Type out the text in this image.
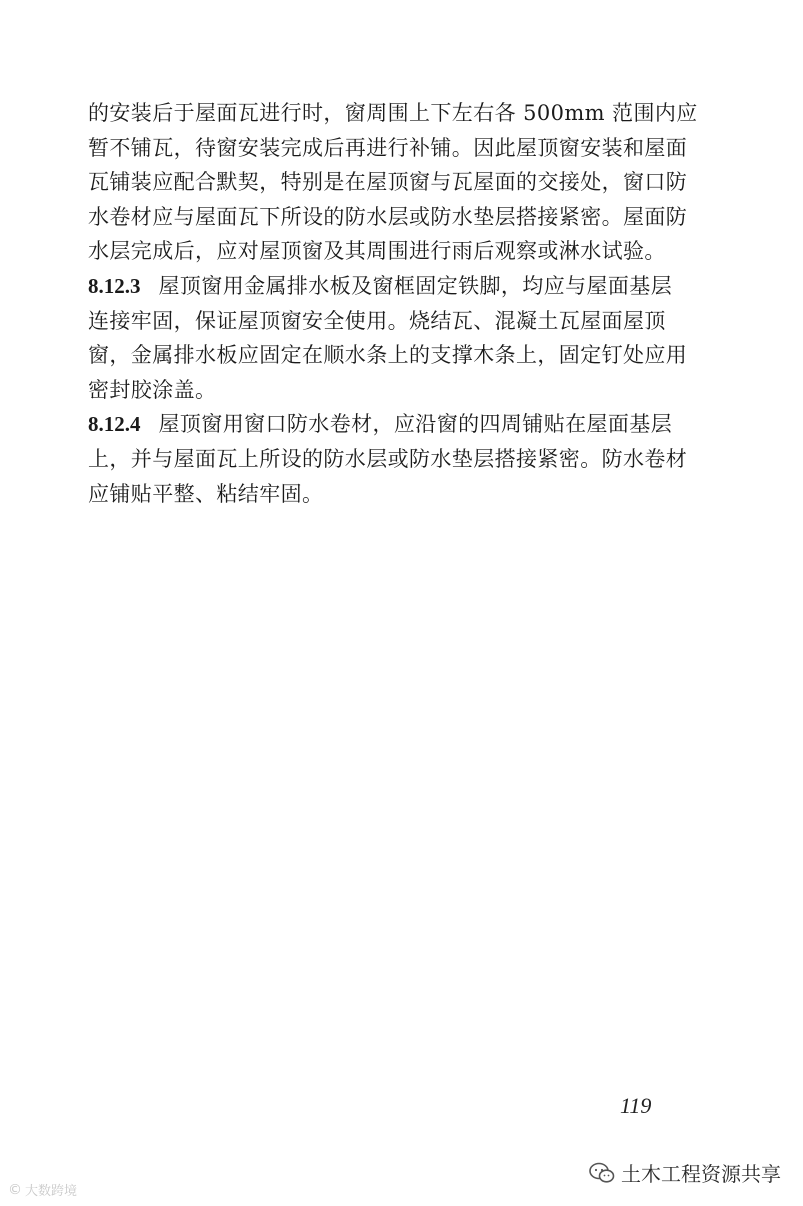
的安装后于屋面瓦进行时，窗周围上下左右各 500mm 范围内应
暂不铺瓦，待窗安装完成后再进行补铺。因此屋顶窗安装和屋面
瓦铺装应配合默契，特别是在屋顶窗与瓦屋面的交接处，窗口防
水卷材应与屋面瓦下所设的防水层或防水垫层搭接紧密。屋面防
水层完成后，应对屋顶窗及其周围进行雨后观察或淋水试验。
8.12.3 屋顶窗用金属排水板及窗框固定铁脚，均应与屋面基层
连接牢固，保证屋顶窗安全使用。烧结瓦、混凝土瓦屋面屋顶
窗，金属排水板应固定在顺水条上的支撑木条上，固定钉处应用
密封胶涂盖。
8.12.4 屋顶窗用窗口防水卷材，应沿窗的四周铺贴在屋面基层
上，并与屋面瓦上所设的防水层或防水垫层搭接紧密。防水卷材
应铺贴平整、粘结牢固。
119
土木工程资源共享
© 大数跨境
